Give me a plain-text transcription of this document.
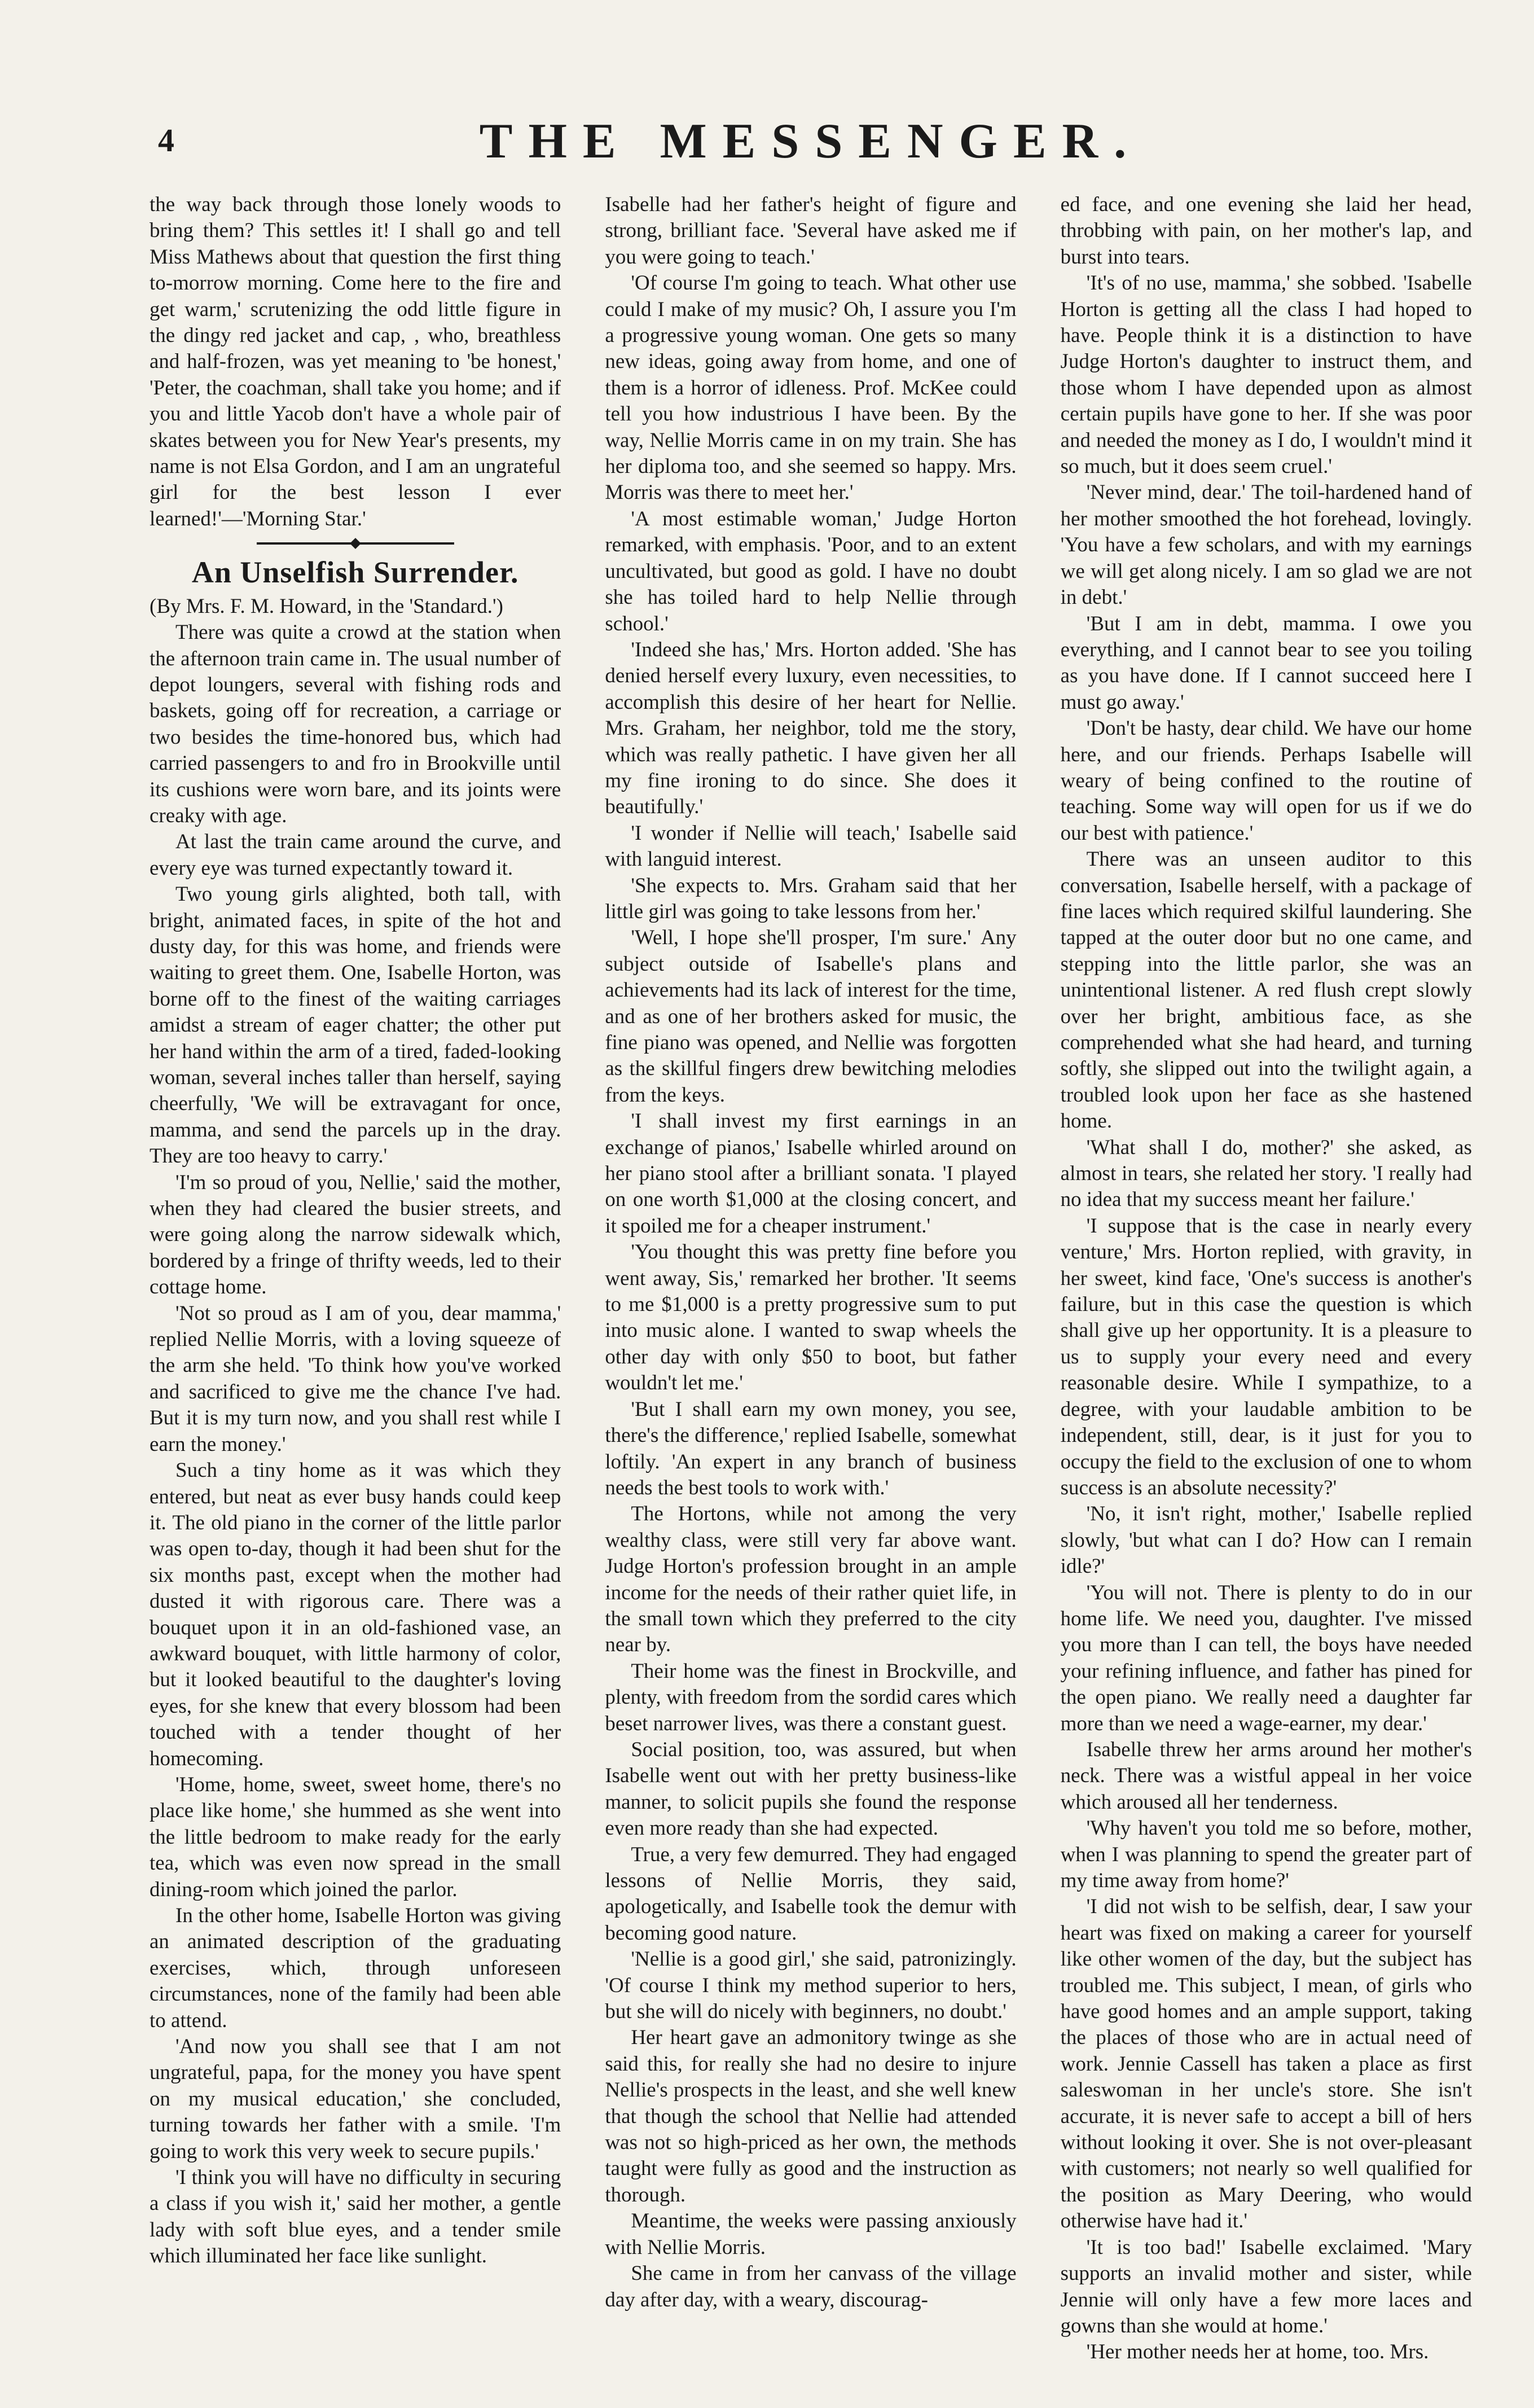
4	THE MESSENGER.

the way back through those lonely woods to bring them? This settles it! I shall go and tell Miss Mathews about that question the first thing to-morrow morning. Come here to the fire and get warm,' scrutenizing the odd little figure in the dingy red jacket and cap, , who, breathless and half-frozen, was yet meaning to 'be honest,' 'Peter, the coachman, shall take you home; and if you and little Yacob don't have a whole pair of skates between you for New Year's presents, my name is not Elsa Gordon, and I am an ungrateful girl for the best lesson I ever learned!'—'Morning Star.'

An Unselfish Surrender.

(By Mrs. F. M. Howard, in the 'Standard.')

There was quite a crowd at the station when the afternoon train came in. The usual number of depot loungers, several with fishing rods and baskets, going off for recreation, a carriage or two besides the time-honored bus, which had carried passengers to and fro in Brookville until its cushions were worn bare, and its joints were creaky with age.

At last the train came around the curve, and every eye was turned expectantly toward it.

Two young girls alighted, both tall, with bright, animated faces, in spite of the hot and dusty day, for this was home, and friends were waiting to greet them. One, Isabelle Horton, was borne off to the finest of the waiting carriages amidst a stream of eager chatter; the other put her hand within the arm of a tired, faded-looking woman, several inches taller than herself, saying cheerfully, 'We will be extravagant for once, mamma, and send the parcels up in the dray. They are too heavy to carry.'

'I'm so proud of you, Nellie,' said the mother, when they had cleared the busier streets, and were going along the narrow sidewalk which, bordered by a fringe of thrifty weeds, led to their cottage home.

'Not so proud as I am of you, dear mamma,' replied Nellie Morris, with a loving squeeze of the arm she held. 'To think how you've worked and sacrificed to give me the chance I've had. But it is my turn now, and you shall rest while I earn the money.'

Such a tiny home as it was which they entered, but neat as ever busy hands could keep it. The old piano in the corner of the little parlor was open to-day, though it had been shut for the six months past, except when the mother had dusted it with rigorous care. There was a bouquet upon it in an old-fashioned vase, an awkward bouquet, with little harmony of color, but it looked beautiful to the daughter's loving eyes, for she knew that every blossom had been touched with a tender thought of her homecoming.

'Home, home, sweet, sweet home, there's no place like home,' she hummed as she went into the little bedroom to make ready for the early tea, which was even now spread in the small dining-room which joined the parlor.

In the other home, Isabelle Horton was giving an animated description of the graduating exercises, which, through unforeseen circumstances, none of the family had been able to attend.

'And now you shall see that I am not ungrateful, papa, for the money you have spent on my musical education,' she concluded, turning towards her father with a smile. 'I'm going to work this very week to secure pupils.'

'I think you will have no difficulty in securing a class if you wish it,' said her mother, a gentle lady with soft blue eyes, and a tender smile which illuminated her face like sunlight.

Isabelle had her father's height of figure and strong, brilliant face. 'Several have asked me if you were going to teach.'

'Of course I'm going to teach. What other use could I make of my music? Oh, I assure you I'm a progressive young woman. One gets so many new ideas, going away from home, and one of them is a horror of idleness. Prof. McKee could tell you how industrious I have been. By the way, Nellie Morris came in on my train. She has her diploma too, and she seemed so happy. Mrs. Morris was there to meet her.'

'A most estimable woman,' Judge Horton remarked, with emphasis. 'Poor, and to an extent uncultivated, but good as gold. I have no doubt she has toiled hard to help Nellie through school.'

'Indeed she has,' Mrs. Horton added. 'She has denied herself every luxury, even necessities, to accomplish this desire of her heart for Nellie. Mrs. Graham, her neighbor, told me the story, which was really pathetic. I have given her all my fine ironing to do since. She does it beautifully.'

'I wonder if Nellie will teach,' Isabelle said with languid interest.

'She expects to. Mrs. Graham said that her little girl was going to take lessons from her.'

'Well, I hope she'll prosper, I'm sure.' Any subject outside of Isabelle's plans and achievements had its lack of interest for the time, and as one of her brothers asked for music, the fine piano was opened, and Nellie was forgotten as the skillful fingers drew bewitching melodies from the keys.

'I shall invest my first earnings in an exchange of pianos,' Isabelle whirled around on her piano stool after a brilliant sonata. 'I played on one worth $1,000 at the closing concert, and it spoiled me for a cheaper instrument.'

'You thought this was pretty fine before you went away, Sis,' remarked her brother. 'It seems to me $1,000 is a pretty progressive sum to put into music alone. I wanted to swap wheels the other day with only $50 to boot, but father wouldn't let me.'

'But I shall earn my own money, you see, there's the difference,' replied Isabelle, somewhat loftily. 'An expert in any branch of business needs the best tools to work with.'

The Hortons, while not among the very wealthy class, were still very far above want. Judge Horton's profession brought in an ample income for the needs of their rather quiet life, in the small town which they preferred to the city near by.

Their home was the finest in Brockville, and plenty, with freedom from the sordid cares which beset narrower lives, was there a constant guest.

Social position, too, was assured, but when Isabelle went out with her pretty business-like manner, to solicit pupils she found the response even more ready than she had expected.

True, a very few demurred. They had engaged lessons of Nellie Morris, they said, apologetically, and Isabelle took the demur with becoming good nature.

'Nellie is a good girl,' she said, patronizingly. 'Of course I think my method superior to hers, but she will do nicely with beginners, no doubt.'

Her heart gave an admonitory twinge as she said this, for really she had no desire to injure Nellie's prospects in the least, and she well knew that though the school that Nellie had attended was not so high-priced as her own, the methods taught were fully as good and the instruction as thorough.

Meantime, the weeks were passing anxiously with Nellie Morris.

She came in from her canvass of the village day after day, with a weary, discourag-

ed face, and one evening she laid her head, throbbing with pain, on her mother's lap, and burst into tears.

'It's of no use, mamma,' she sobbed. 'Isabelle Horton is getting all the class I had hoped to have. People think it is a distinction to have Judge Horton's daughter to instruct them, and those whom I have depended upon as almost certain pupils have gone to her. If she was poor and needed the money as I do, I wouldn't mind it so much, but it does seem cruel.'

'Never mind, dear.' The toil-hardened hand of her mother smoothed the hot forehead, lovingly. 'You have a few scholars, and with my earnings we will get along nicely. I am so glad we are not in debt.'

'But I am in debt, mamma. I owe you everything, and I cannot bear to see you toiling as you have done. If I cannot succeed here I must go away.'

'Don't be hasty, dear child. We have our home here, and our friends. Perhaps Isabelle will weary of being confined to the routine of teaching. Some way will open for us if we do our best with patience.'

There was an unseen auditor to this conversation, Isabelle herself, with a package of fine laces which required skilful laundering. She tapped at the outer door but no one came, and stepping into the little parlor, she was an unintentional listener. A red flush crept slowly over her bright, ambitious face, as she comprehended what she had heard, and turning softly, she slipped out into the twilight again, a troubled look upon her face as she hastened home.

'What shall I do, mother?' she asked, as almost in tears, she related her story. 'I really had no idea that my success meant her failure.'

'I suppose that is the case in nearly every venture,' Mrs. Horton replied, with gravity, in her sweet, kind face, 'One's success is another's failure, but in this case the question is which shall give up her opportunity. It is a pleasure to us to supply your every need and every reasonable desire. While I sympathize, to a degree, with your laudable ambition to be independent, still, dear, is it just for you to occupy the field to the exclusion of one to whom success is an absolute necessity?'

'No, it isn't right, mother,' Isabelle replied slowly, 'but what can I do? How can I remain idle?'

'You will not. There is plenty to do in our home life. We need you, daughter. I've missed you more than I can tell, the boys have needed your refining influence, and father has pined for the open piano. We really need a daughter far more than we need a wage-earner, my dear.'

Isabelle threw her arms around her mother's neck. There was a wistful appeal in her voice which aroused all her tenderness.

'Why haven't you told me so before, mother, when I was planning to spend the greater part of my time away from home?'

'I did not wish to be selfish, dear, I saw your heart was fixed on making a career for yourself like other women of the day, but the subject has troubled me. This subject, I mean, of girls who have good homes and an ample support, taking the places of those who are in actual need of work. Jennie Cassell has taken a place as first saleswoman in her uncle's store. She isn't accurate, it is never safe to accept a bill of hers without looking it over. She is not over-pleasant with customers; not nearly so well qualified for the position as Mary Deering, who would otherwise have had it.'

'It is too bad!' Isabelle exclaimed. 'Mary supports an invalid mother and sister, while Jennie will only have a few more laces and gowns than she would at home.'

'Her mother needs her at home, too. Mrs.
